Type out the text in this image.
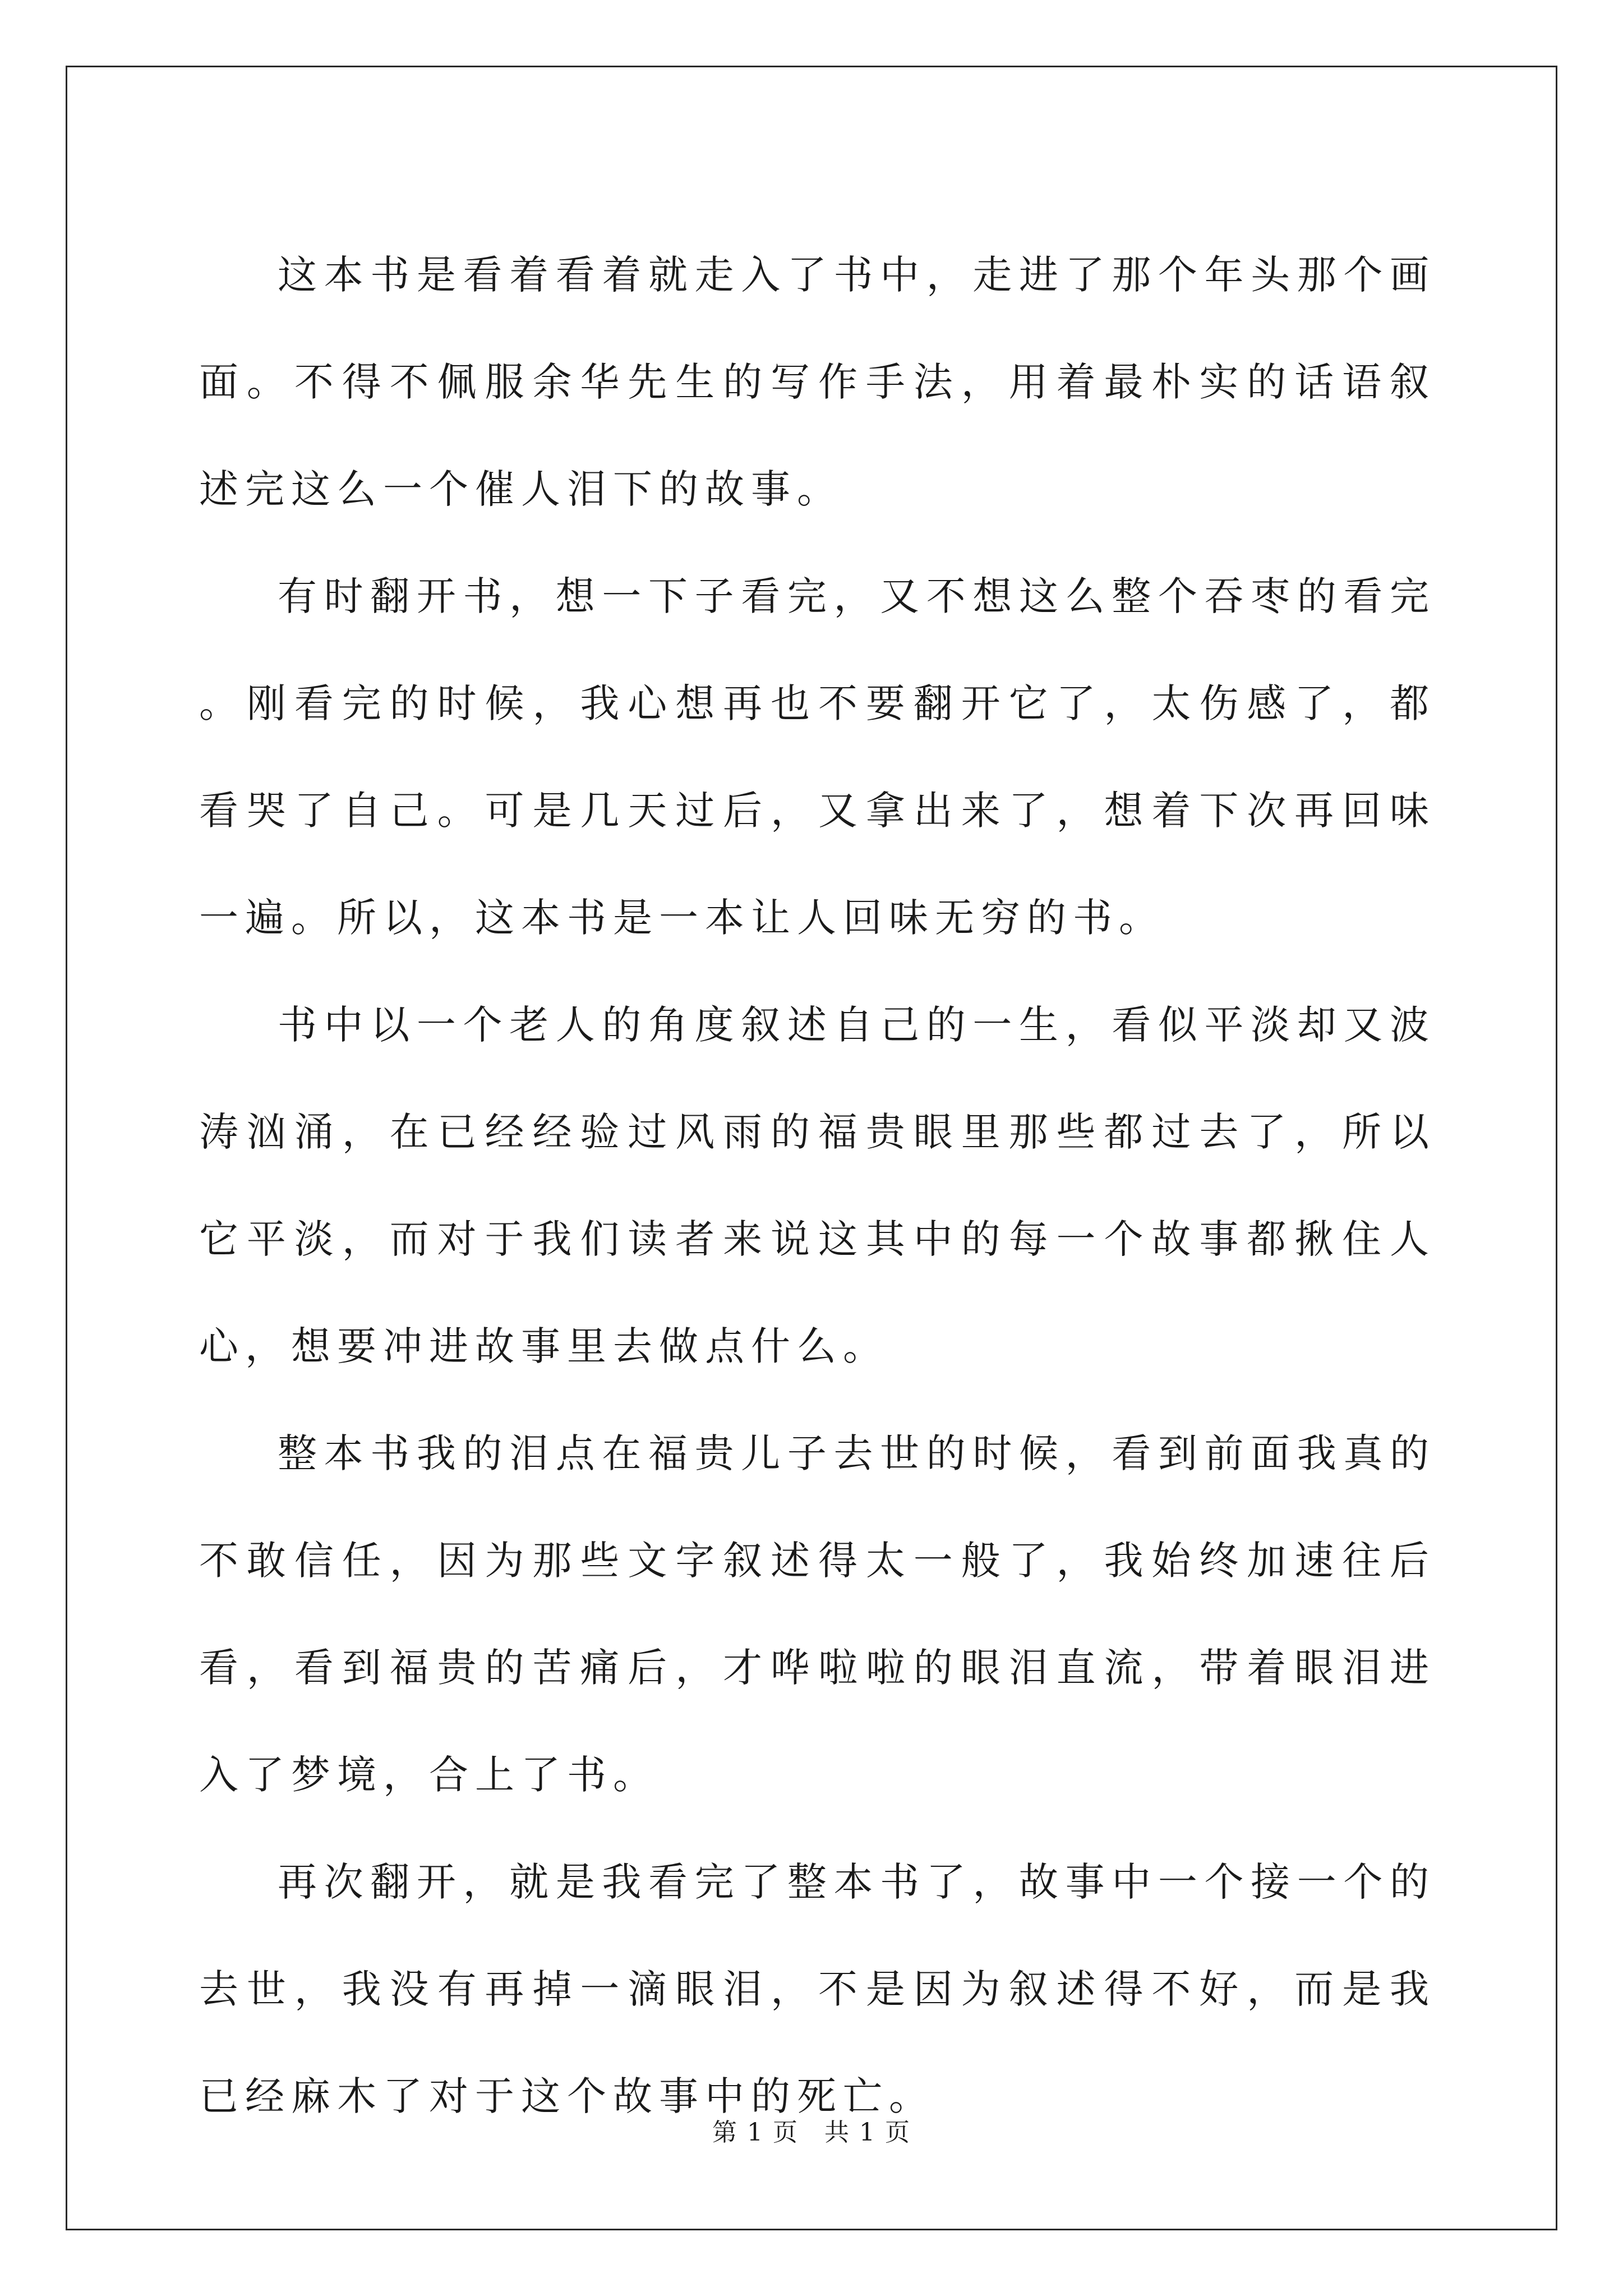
这本书是看着看着就走入了书中，走进了那个年头那个画面。不得不佩服余华先生的写作手法，用着最朴实的话语叙述完这么一个催人泪下的故事。

有时翻开书，想一下子看完，又不想这么整个吞枣的看完。刚看完的时候，我心想再也不要翻开它了，太伤感了，都看哭了自己。可是几天过后，又拿出来了，想着下次再回味一遍。所以，这本书是一本让人回味无穷的书。

书中以一个老人的角度叙述自己的一生，看似平淡却又波涛汹涌，在已经经验过风雨的福贵眼里那些都过去了，所以它平淡，而对于我们读者来说这其中的每一个故事都揪住人心，想要冲进故事里去做点什么。

整本书我的泪点在福贵儿子去世的时候，看到前面我真的不敢信任，因为那些文字叙述得太一般了，我始终加速往后看，看到福贵的苦痛后，才哗啦啦的眼泪直流，带着眼泪进入了梦境，合上了书。

再次翻开，就是我看完了整本书了，故事中一个接一个的去世，我没有再掉一滴眼泪，不是因为叙述得不好，而是我已经麻木了对于这个故事中的死亡。

第 1 页 共 1 页
